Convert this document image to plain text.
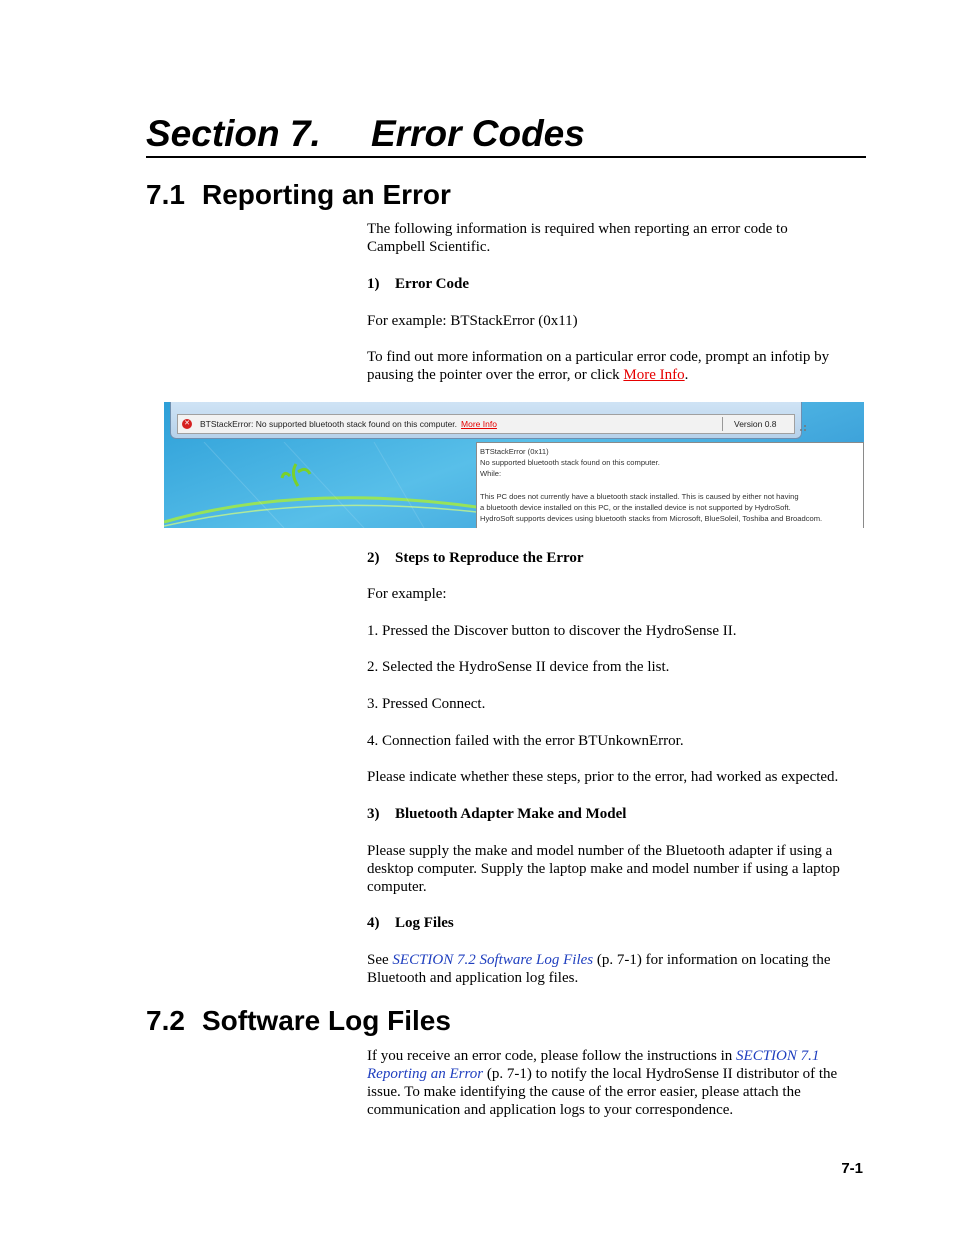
Section 7. Error Codes
7.1 Reporting an Error
The following information is required when reporting an error code to
Campbell Scientific.
1) Error Code
For example: BTStackError (0x11)
To find out more information on a particular error code, prompt an infotip by
pausing the pointer over the error, or click More Info.
✕ BTStackError: No supported bluetooth stack found on this computer. More Info	Version 0.8
BTStackError (0x11)
No supported bluetooth stack found on this computer.
While:
This PC does not currently have a bluetooth stack installed. This is caused by either not having
a bluetooth device installed on this PC, or the installed device is not supported by HydroSoft.
HydroSoft supports devices using bluetooth stacks from Microsoft, BlueSoleil, Toshiba and Broadcom.
2) Steps to Reproduce the Error
For example:
1. Pressed the Discover button to discover the HydroSense II.
2. Selected the HydroSense II device from the list.
3. Pressed Connect.
4. Connection failed with the error BTUnkownError.
Please indicate whether these steps, prior to the error, had worked as expected.
3) Bluetooth Adapter Make and Model
Please supply the make and model number of the Bluetooth adapter if using a
desktop computer. Supply the laptop make and model number if using a laptop
computer.
4) Log Files
See SECTION 7.2 Software Log Files (p. 7-1) for information on locating the
Bluetooth and application log files.
7.2 Software Log Files
If you receive an error code, please follow the instructions in SECTION 7.1
Reporting an Error (p. 7-1) to notify the local HydroSense II distributor of the
issue. To make identifying the cause of the error easier, please attach the
communication and application logs to your correspondence.
7-1
